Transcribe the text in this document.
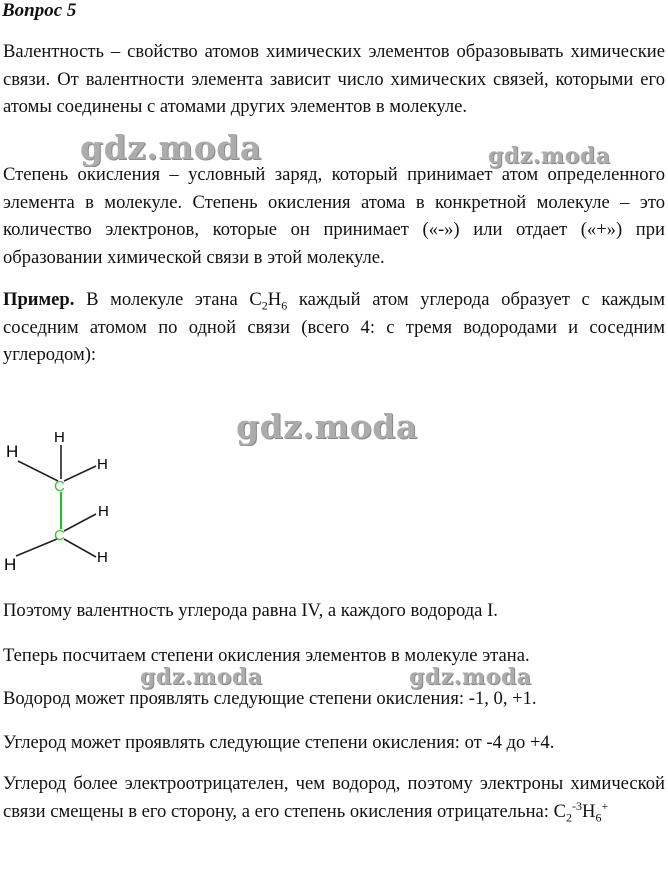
Вопрос 5
Валентность – свойство атомов химических элементов образовывать химические связи. От валентности элемента зависит число химических связей, которыми его атомы соединены с атомами других элементов в молекуле.
Степень окисления – условный заряд, который принимает атом определенного элемента в молекуле. Степень окисления атома в конкретной молекуле – это количество электронов, которые он принимает («-») или отдает («+») при образовании химической связи в этой молекуле.
Пример. В молекуле этана $C_2H_6$ каждый атом углерода образует с каждым соседним атомом по одной связи (всего 4: с тремя водородами и соседним углеродом):
H
H
H
H
H
H
C
C
Поэтому валентность углерода равна IV, а каждого водорода I.
Теперь посчитаем степени окисления элементов в молекуле этана.
Водород может проявлять следующие степени окисления: -1, 0, +1.
Углерод может проявлять следующие степени окисления: от -4 до +4.
Углерод более электроотрицателен, чем водород, поэтому электроны химической связи смещены в его сторону, а его степень окисления отрицательна: $C_2^{-3}H_6^+$
gdz.moda	gdz.moda
gdz.moda
gdz.moda	gdz.moda
